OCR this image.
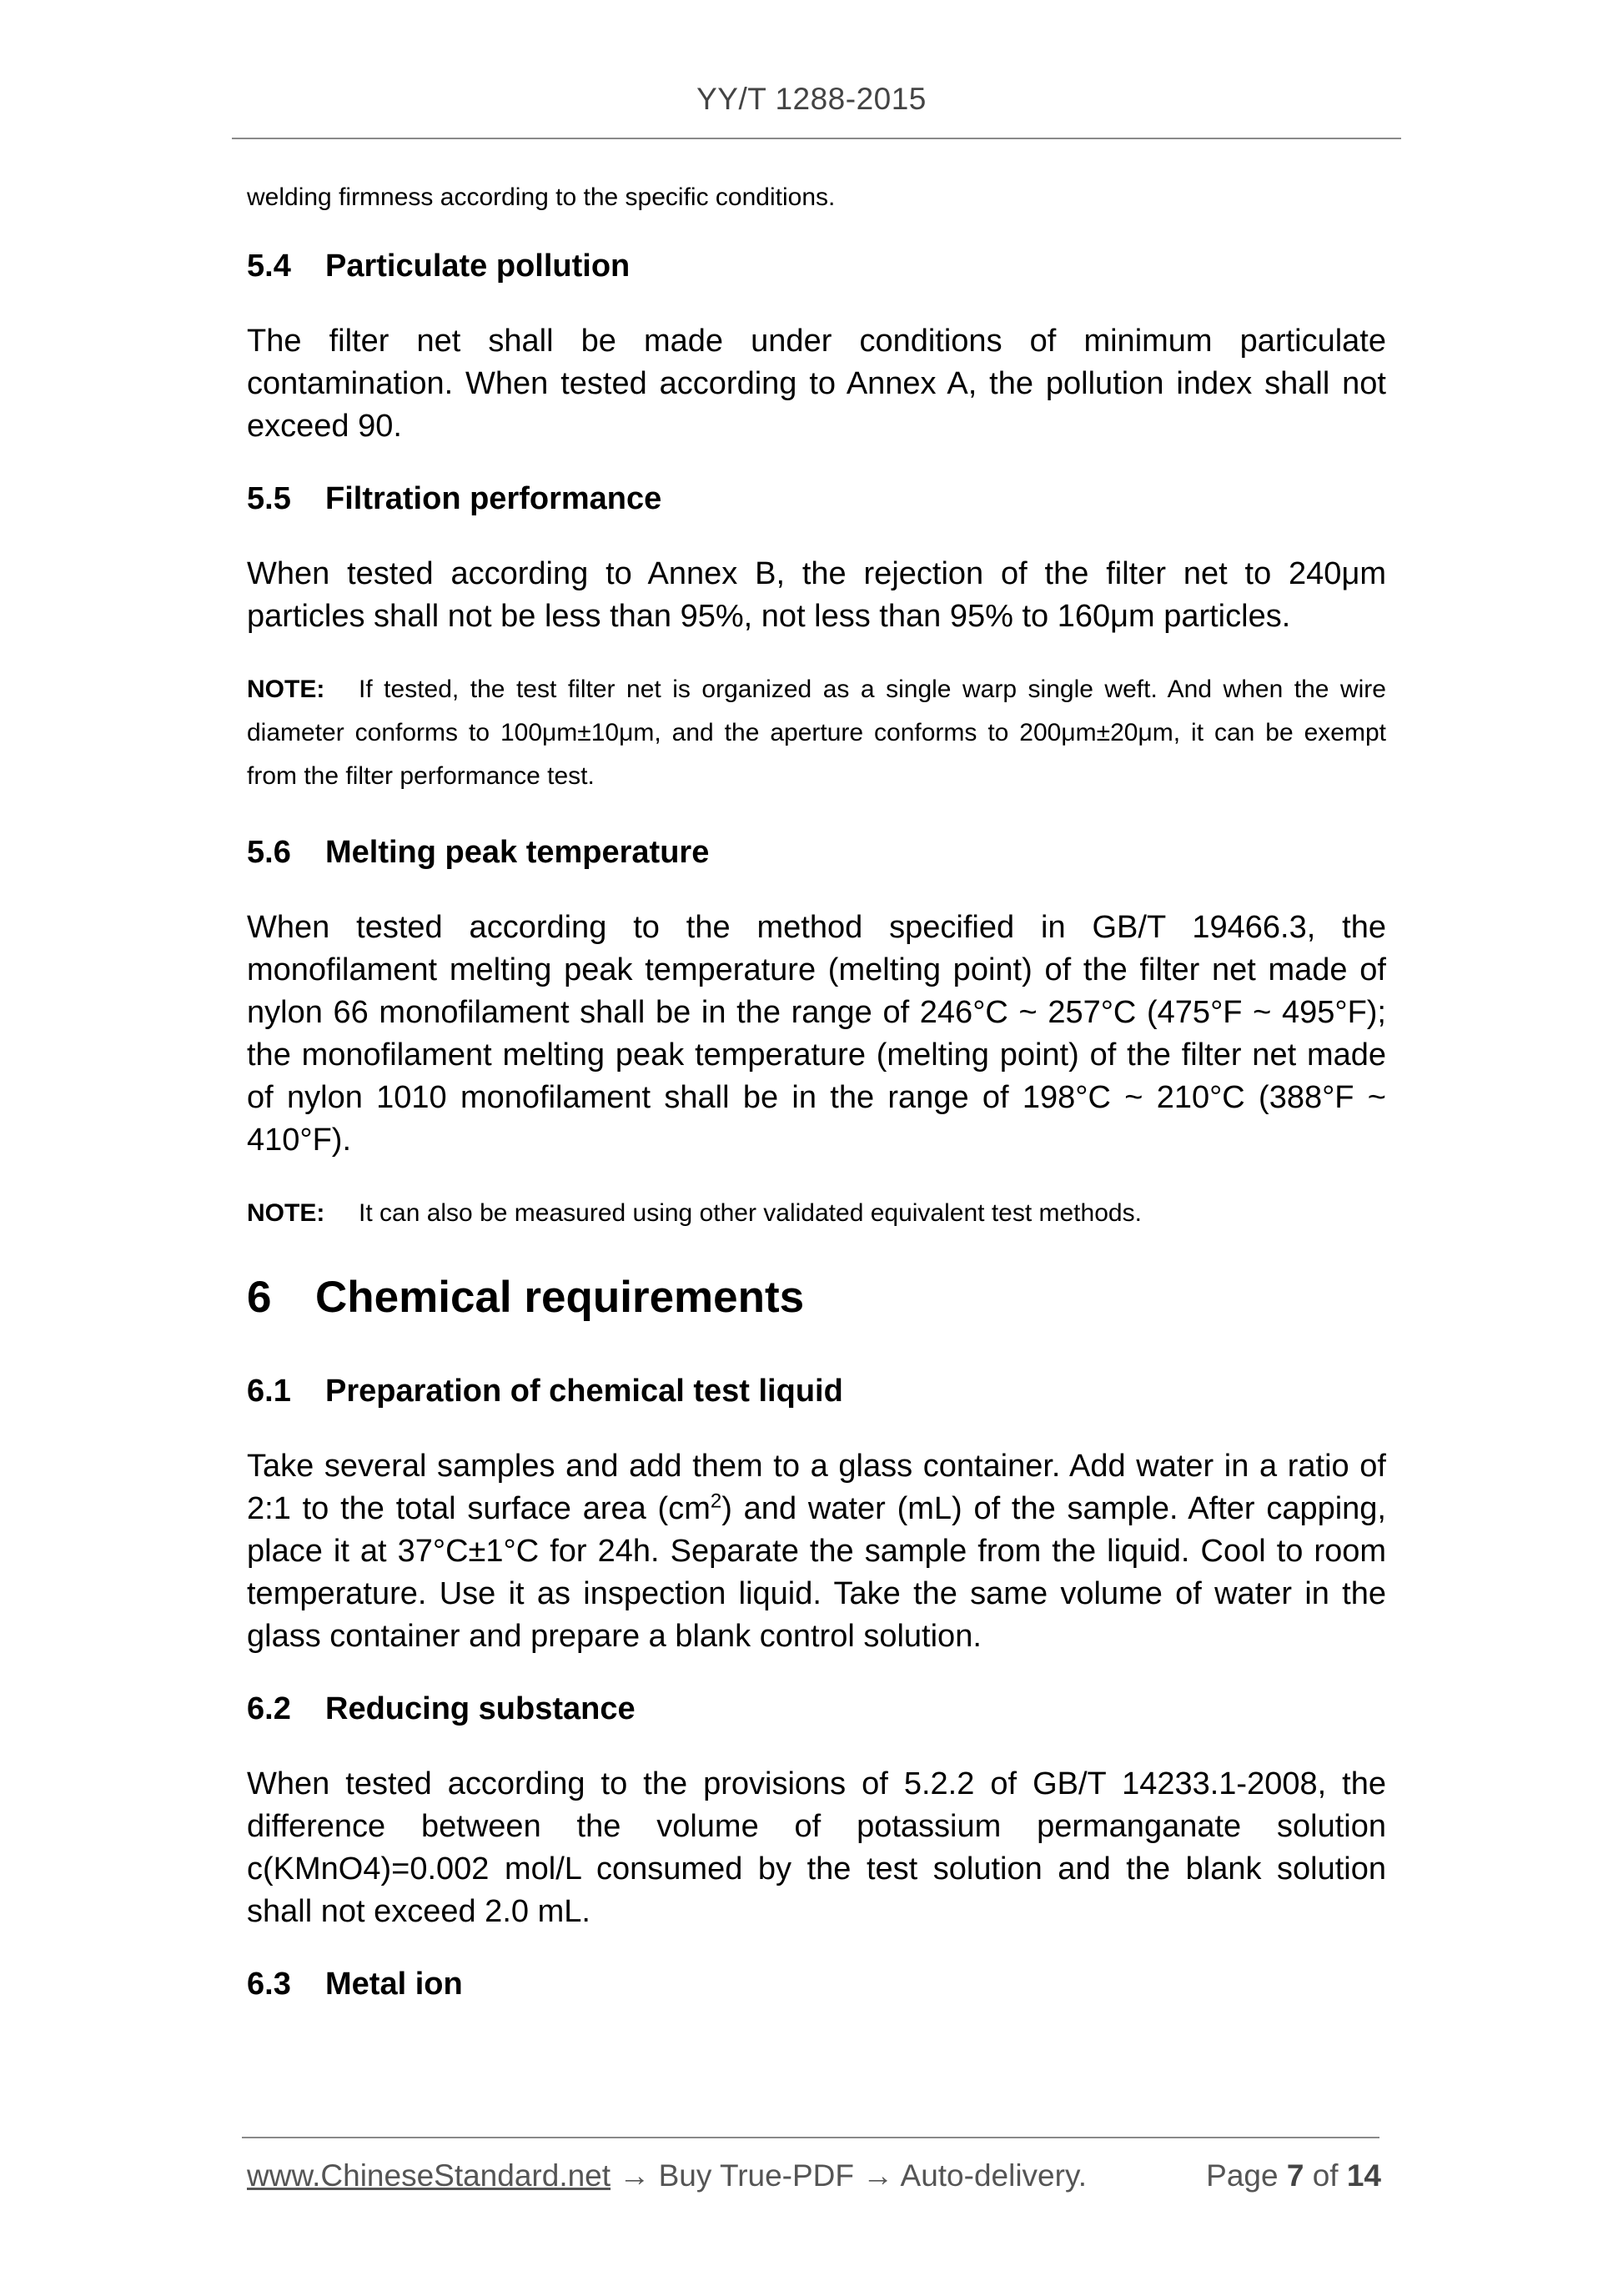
YY/T 1288-2015

welding firmness according to the specific conditions.

5.4 Particulate pollution

The filter net shall be made under conditions of minimum particulate contamination. When tested according to Annex A, the pollution index shall not exceed 90.

5.5 Filtration performance

When tested according to Annex B, the rejection of the filter net to 240μm particles shall not be less than 95%, not less than 95% to 160μm particles.

NOTE: If tested, the test filter net is organized as a single warp single weft. And when the wire diameter conforms to 100μm±10μm, and the aperture conforms to 200μm±20μm, it can be exempt from the filter performance test.

5.6 Melting peak temperature

When tested according to the method specified in GB/T 19466.3, the monofilament melting peak temperature (melting point) of the filter net made of nylon 66 monofilament shall be in the range of 246°C ~ 257°C (475°F ~ 495°F); the monofilament melting peak temperature (melting point) of the filter net made of nylon 1010 monofilament shall be in the range of 198°C ~ 210°C (388°F ~ 410°F).

NOTE: It can also be measured using other validated equivalent test methods.

6 Chemical requirements
6.1 Preparation of chemical test liquid

Take several samples and add them to a glass container. Add water in a ratio of 2:1 to the total surface area $(cm^2)$ and water (mL) of the sample. After capping, place it at 37°C±1°C for 24h. Separate the sample from the liquid. Cool to room temperature. Use it as inspection liquid. Take the same volume of water in the glass container and prepare a blank control solution.

6.2 Reducing substance

When tested according to the provisions of 5.2.2 of GB/T 14233.1-2008, the difference between the volume of potassium permanganate solution c(KMnO4)=0.002 mol/L consumed by the test solution and the blank solution shall not exceed 2.0 mL.

6.3 Metal ion
www.ChineseStandard.net → Buy True-PDF → Auto-delivery.	Page 7 of 14
